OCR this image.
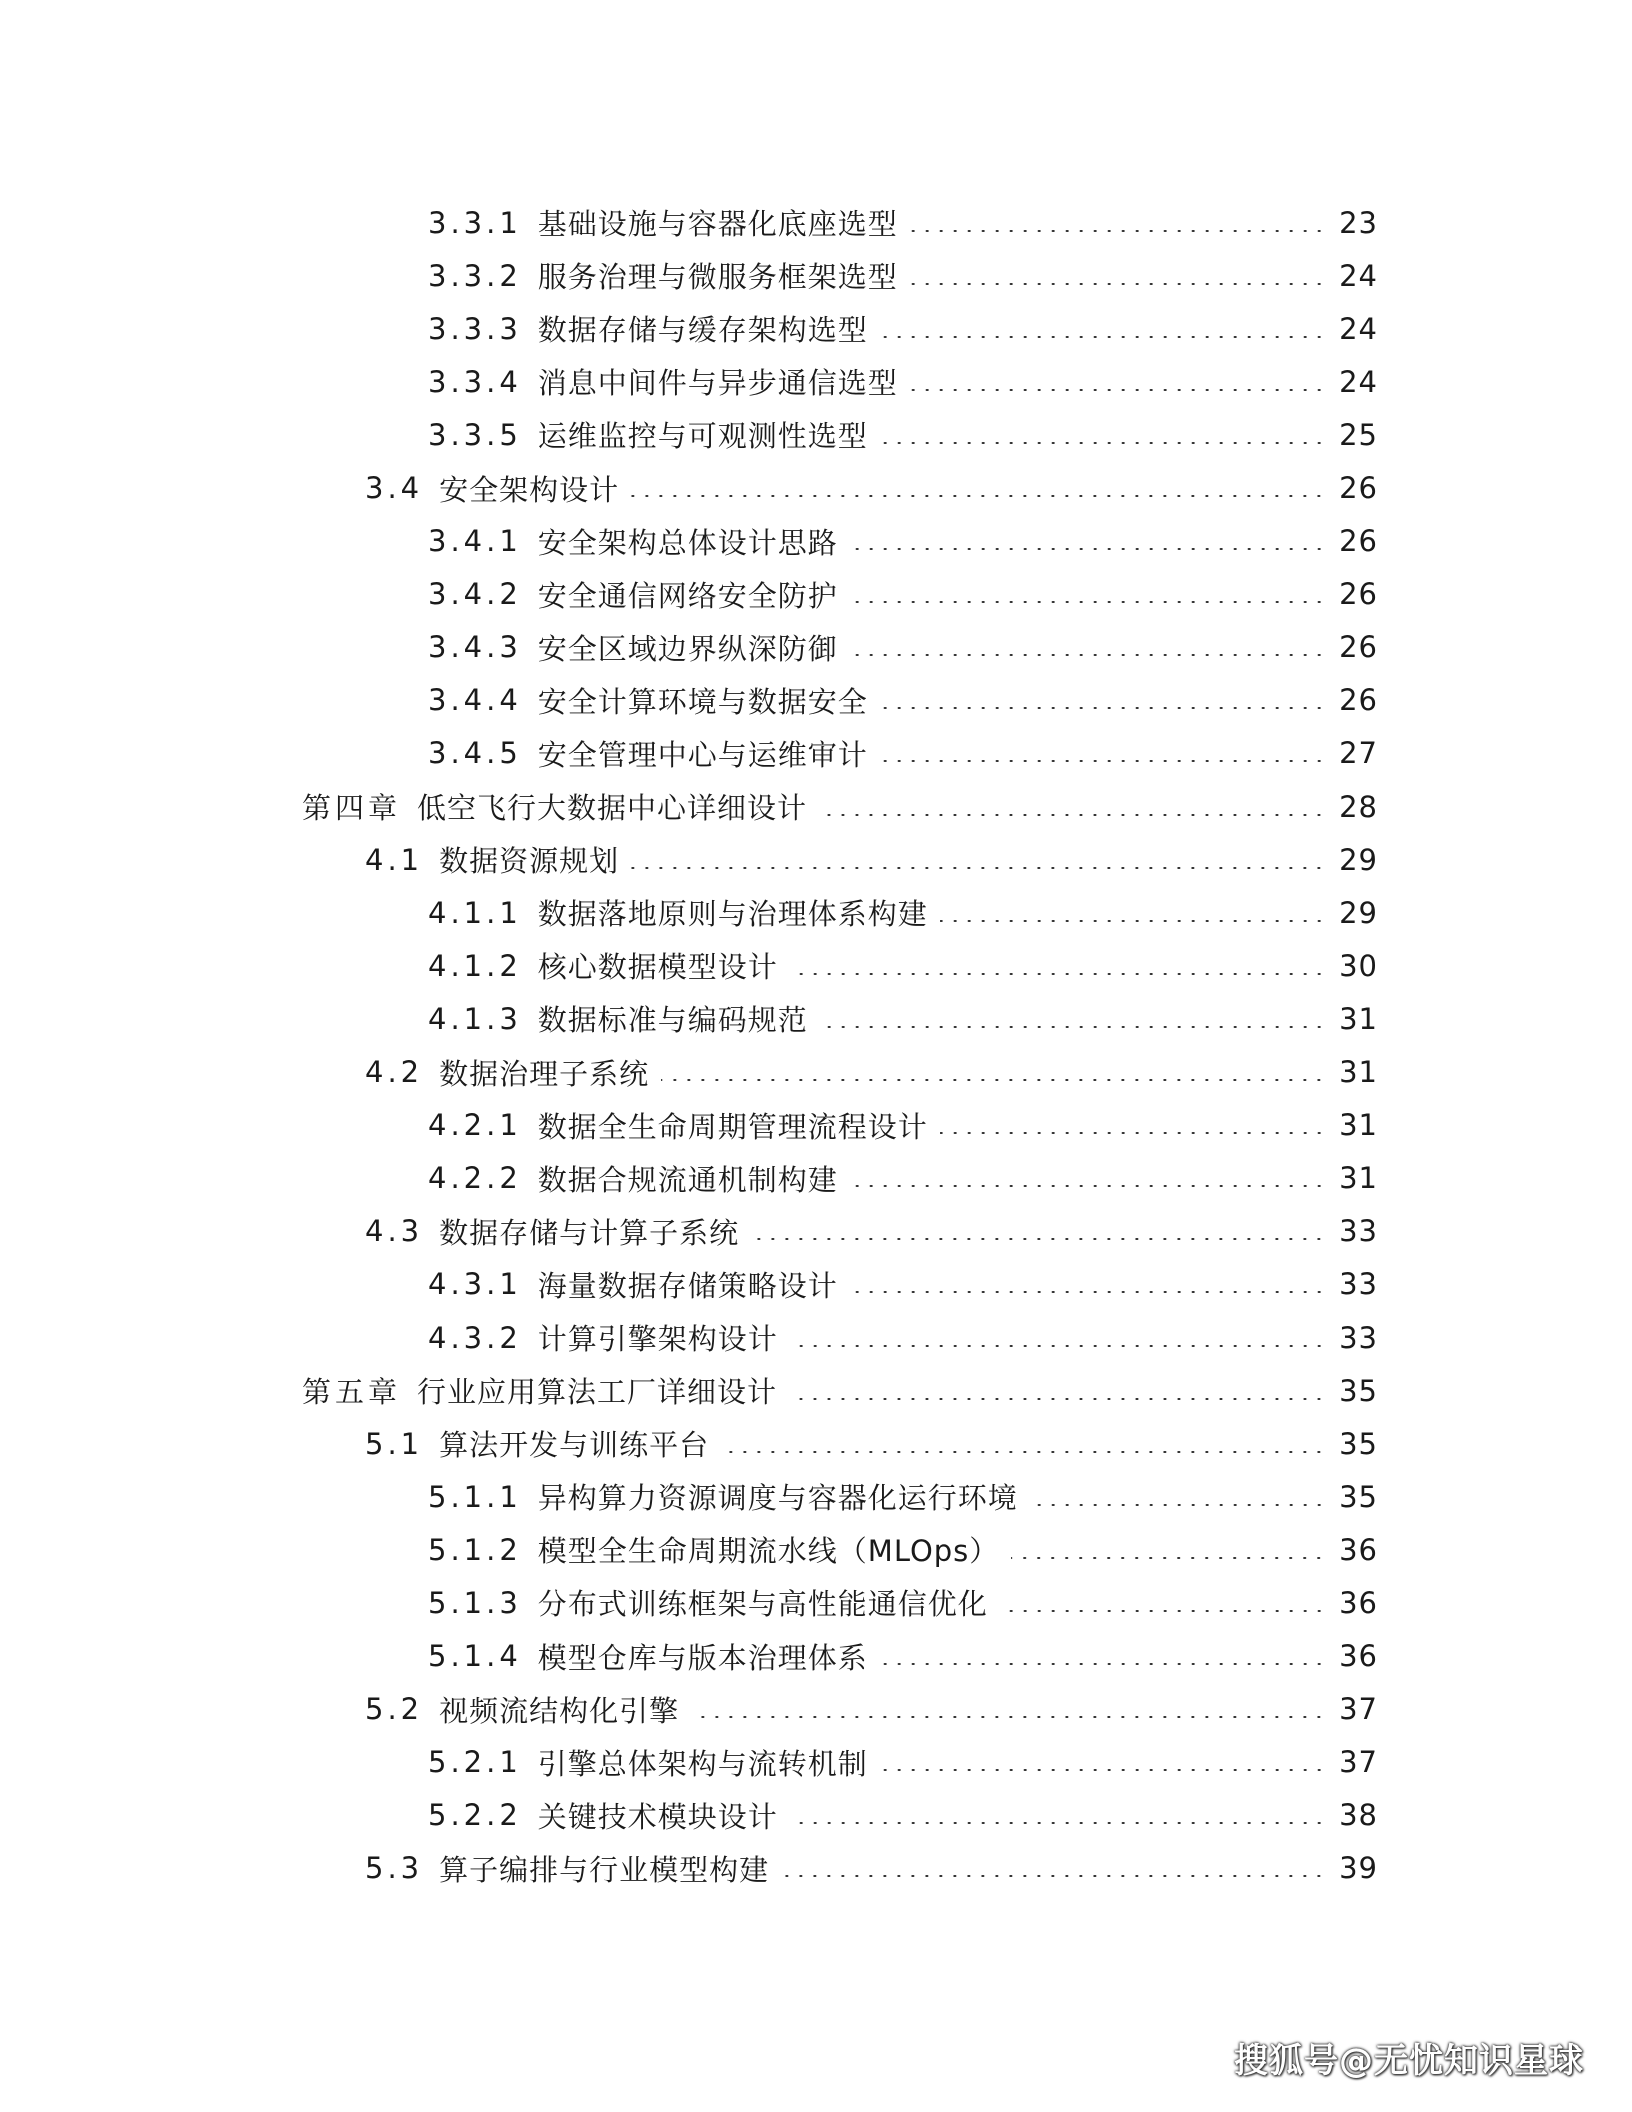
3.3.1 基础设施与容器化底座选型	23
3.3.2 服务治理与微服务框架选型	24
3.3.3 数据存储与缓存架构选型	24
3.3.4 消息中间件与异步通信选型	24
3.3.5 运维监控与可观测性选型	25
3.4 安全架构设计	26
3.4.1 安全架构总体设计思路	26
3.4.2 安全通信网络安全防护	26
3.4.3 安全区域边界纵深防御	26
3.4.4 安全计算环境与数据安全	26
3.4.5 安全管理中心与运维审计	27
第四章 低空飞行大数据中心详细设计	28
4.1 数据资源规划	29
4.1.1 数据落地原则与治理体系构建	29
4.1.2 核心数据模型设计	30
4.1.3 数据标准与编码规范	31
4.2 数据治理子系统	31
4.2.1 数据全生命周期管理流程设计	31
4.2.2 数据合规流通机制构建	31
4.3 数据存储与计算子系统	33
4.3.1 海量数据存储策略设计	33
4.3.2 计算引擎架构设计	33
第五章 行业应用算法工厂详细设计	35
5.1 算法开发与训练平台	35
5.1.1 异构算力资源调度与容器化运行环境	35
5.1.2 模型全生命周期流水线（MLOps）	36
5.1.3 分布式训练框架与高性能通信优化	36
5.1.4 模型仓库与版本治理体系	36
5.2 视频流结构化引擎	37
5.2.1 引擎总体架构与流转机制	37
5.2.2 关键技术模块设计	38
5.3 算子编排与行业模型构建	39
搜狐号@无忧知识星球
